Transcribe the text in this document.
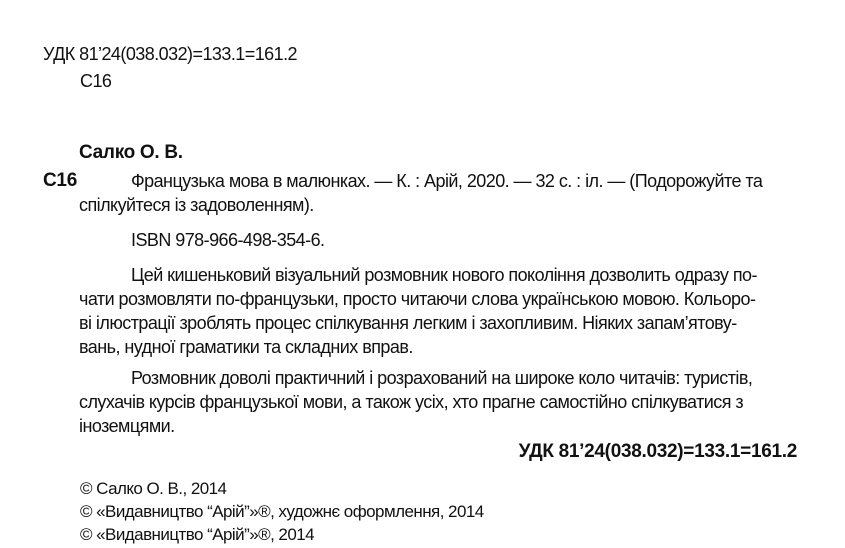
УДК 81’24(038.032)=133.1=161.2
С16
Салко О. В.
С16	Французька мова в малюнках. — К. : Арій, 2020. — 32 с. : іл. — (Подорожуйте та
спілкуйтеся із задоволенням).
ISBN 978-966-498-354-6.
Цей кишеньковий візуальний розмовник нового покоління дозволить одразу по-
чати розмовляти по-французьки, просто читаючи слова українською мовою. Кольоро-
ві ілюстрації зроблять процес спілкування легким і захопливим. Ніяких запам’ятову-
вань, нудної граматики та складних вправ.
Розмовник доволі практичний і розрахований на широке коло читачів: туристів,
слухачів курсів французької мови, а також усіх, хто прагне самостійно спілкуватися з
іноземцями.
УДК 81’24(038.032)=133.1=161.2
© Салко О. В., 2014
© «Видавництво “Арій”»®, художнє оформлення, 2014
© «Видавництво “Арій”»®, 2014
